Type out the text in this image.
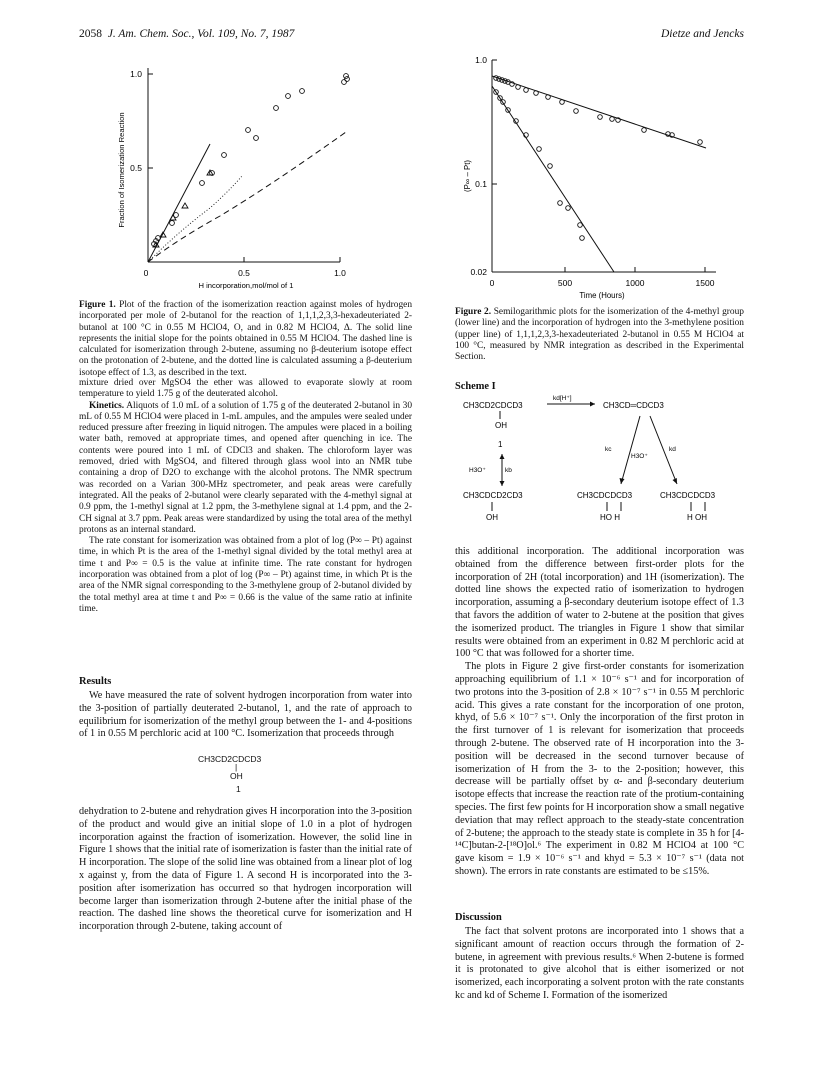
2058 J. Am. Chem. Soc., Vol. 109, No. 7, 1987	Dietze and Jencks
1.0
0.5
0	0.5	1.0
H incorporation,mol/mol of 1
Fraction of Isomerization Reaction
Figure 1. Plot of the fraction of the isomerization reaction against moles of hydrogen incorporated per mole of 2-butanol for the reaction of 1,1,1,2,3,3-hexadeuteriated 2-butanol at 100 °C in 0.55 M HClO4, O, and in 0.82 M HClO4, Δ. The solid line represents the initial slope for the points obtained in 0.55 M HClO4. The dashed line is calculated for isomerization through 2-butene, assuming no β-deuterium isotope effect on the protonation of 2-butene, and the dotted line is calculated assuming a β-deuterium isotope effect of 1.3, as described in the text.
1.0
0.1
0.02
0	500	1000	1500
Time (Hours)
(P∞ – Pt)
Figure 2. Semilogarithmic plots for the isomerization of the 4-methyl group (lower line) and the incorporation of hydrogen into the 3-methylene position (upper line) of 1,1,1,2,3,3-hexadeuteriated 2-butanol in 0.55 M HClO4 at 100 °C, measured by NMR integration as described in the Experimental Section.

mixture dried over MgSO4 the ether was allowed to evaporate slowly at room temperature to yield 1.75 g of the deuterated alcohol.

Kinetics. Aliquots of 1.0 mL of a solution of 1.75 g of the deuterated 2-butanol in 30 mL of 0.55 M HClO4 were placed in 1-mL ampules, and the ampules were sealed under reduced pressure after freezing in liquid nitrogen. The ampules were placed in a boiling water bath, removed at appropriate times, and opened after quenching in ice. The contents were poured into 1 mL of CDCl3 and shaken. The chloroform layer was removed, dried with MgSO4, and filtered through glass wool into an NMR tube containing a drop of D2O to exchange with the alcohol protons. The NMR spectrum was recorded on a Varian 300-MHz spectrometer, and peak areas were carefully integrated. All the peaks of 2-butanol were clearly separated with the 4-methyl signal at 0.9 ppm, the 1-methyl signal at 1.2 ppm, the 3-methylene signal at 1.4 ppm, and the 2-CH signal at 3.7 ppm. Peak areas were standardized by using the total area of the methyl protons as an internal standard.

The rate constant for isomerization was obtained from a plot of log (P∞ – Pt) against time, in which Pt is the area of the 1-methyl signal divided by the total methyl area at time t and P∞ = 0.5 is the value at infinite time. The rate constant for hydrogen incorporation was obtained from a plot of log (P∞ – Pt) against time, in which Pt is the area of the NMR signal corresponding to the 3-methylene group of 2-butanol divided by the total methyl area at time t and P∞ = 0.66 is the value of the same ratio at infinite time.

Results

We have measured the rate of solvent hydrogen incorporation from water into the 3-position of partially deuterated 2-butanol, 1, and the rate of approach to equilibrium for isomerization of the methyl group between the 1- and 4-positions of 1 in 0.55 M perchloric acid at 100 °C. Isomerization that proceeds through

CH3CD2CDCD3
|
OH
1

dehydration to 2-butene and rehydration gives H incorporation into the 3-position of the product and would give an initial slope of 1.0 in a plot of hydrogen incorporation against the fraction of isomerization. However, the solid line in Figure 1 shows that the initial rate of isomerization is faster than the initial rate of H incorporation. The slope of the solid line was obtained from a linear plot of log x against y, from the data of Figure 1. A second H is incorporated into the 3-position after isomerization has occurred so that hydrogen incorporation will become larger than isomerization through 2-butene after the initial phase of the reaction. The dashed line shows the theoretical curve for isomerization and H incorporation through 2-butene, taking account of

Scheme I
CH3CD2CDCD3
kd[H⁺]
CH3CD═CDCD3
OH
1
H3O⁺	kb
kc
H3O⁺
kd
CH3CDCD2CD3
OH
CH3CDCDCD3
HO H
CH3CDCDCD3
H OH

this additional incorporation. The additional incorporation was obtained from the difference between first-order plots for the incorporation of 2H (total incorporation) and 1H (isomerization). The dotted line shows the expected ratio of isomerization to hydrogen incorporation, assuming a β-secondary deuterium isotope effect of 1.3 that favors the addition of water to 2-butene at the position that gives the isomerized product. The triangles in Figure 1 show that similar results were obtained from an experiment in 0.82 M perchloric acid at 100 °C that was followed for a shorter time.

The plots in Figure 2 give first-order constants for isomerization approaching equilibrium of 1.1 × 10⁻⁶ s⁻¹ and for incorporation of two protons into the 3-position of 2.8 × 10⁻⁷ s⁻¹ in 0.55 M perchloric acid. This gives a rate constant for the incorporation of one proton, khyd, of 5.6 × 10⁻⁷ s⁻¹. Only the incorporation of the first proton in the first turnover of 1 is relevant for isomerization that proceeds through 2-butene. The observed rate of H incorporation into the 3-position will be decreased in the second turnover because of isomerization of H from the 3- to the 2-position; however, this decrease will be partially offset by α- and β-secondary deuterium isotope effects that increase the reaction rate of the protium-containing species. The first few points for H incorporation show a small negative deviation that may reflect approach to the steady-state concentration of 2-butene; the approach to the steady state is complete in 35 h for [4-¹⁴C]butan-2-[¹⁸O]ol.⁶ The experiment in 0.82 M HClO4 at 100 °C gave kisom = 1.9 × 10⁻⁶ s⁻¹ and khyd = 5.3 × 10⁻⁷ s⁻¹ (data not shown). The errors in rate constants are estimated to be ≤15%.

Discussion

The fact that solvent protons are incorporated into 1 shows that a significant amount of reaction occurs through the formation of 2-butene, in agreement with previous results.⁶ When 2-butene is formed it is protonated to give alcohol that is either isomerized or not isomerized, each incorporating a solvent proton with the rate constants kc and kd of Scheme I. Formation of the isomerized
